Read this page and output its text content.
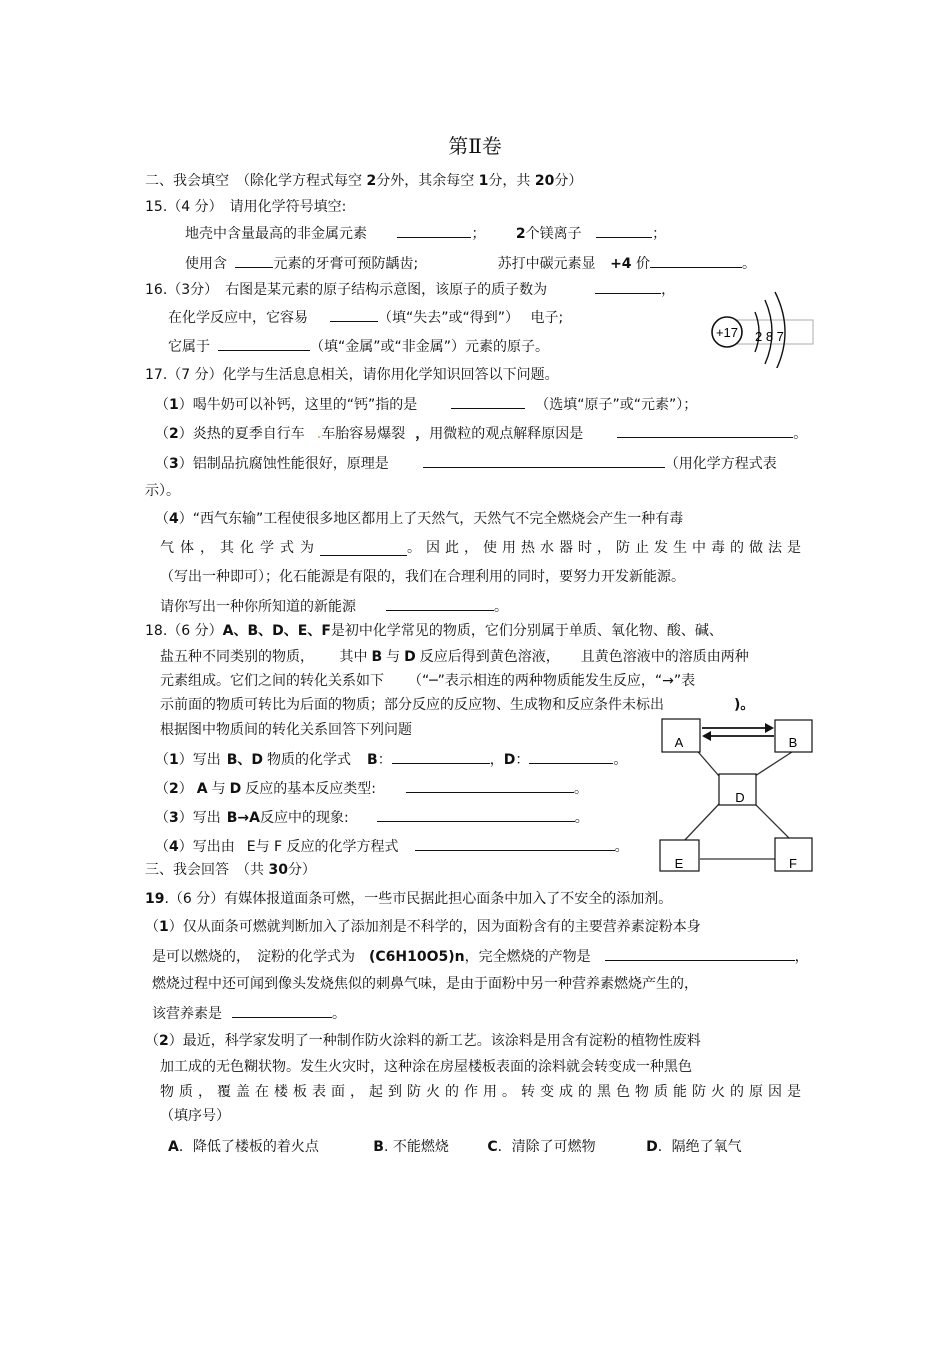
第Ⅱ卷
二、我会填空　（除化学方程式每空 2分外，其余每空 1分，共 20分）
15.（4 分）　请用化学符号填空:
地壳中含量最高的非金属元素	； 2个镁离子	；
使用含	元素的牙膏可预防龋齿;	苏打中碳元素显 +4 价	。
16.（3分）　右图是某元素的原子结构示意图，该原子的质子数为	，
在化学反应中，它容易	（填“失去”或“得到”）　 电子;
它属于	（填“金属”或“非金属”）元素的原子。
+17 2 8 7
17.（7 分）化学与生活息息相关，请你用化学知识回答以下问题。
（1）喝牛奶可以补钙，这里的“钙”指的是	（选填“原子”或“元素”）；
（2）炎热的夏季自行车 .车胎容易爆裂 ，用微粒的观点解释原因是	。
（3）铝制品抗腐蚀性能很好，原理是	（用化学方程式表
示）。
（4）“西气东输”工程使很多地区都用上了天然气，天然气不完全燃烧会产生一种有毒
气体，其化学式为	。因此，使用热水器时，防止发生中毒的做法是
（写出一种即可）；化石能源是有限的，我们在合理利用的同时，要努力开发新能源。
请你写出一种你所知道的新能源	。
18.（6 分）A、B、D、E、F是初中化学常见的物质，它们分别属于单质、氧化物、酸、碱、
盐五种不同类别的物质，　　 其中 B 与 D 反应后得到黄色溶液，　　且黄色溶液中的溶质由两种
元素组成。它们之间的转化关系如下 （“─”表示相连的两种物质能发生反应，“→”表
示前面的物质可转比为后面的物质；部分反应的反应物、生成物和反应条件未标出	)。
根据图中物质间的转化关系回答下列问题
（1）写出 B、D 物质的化学式 B：	，D：	。
（2） A 与 D 反应的基本反应类型:	。
（3）写出 B→A反应中的现象:	。
（4）写出由 E与 F 反应的化学方程式	。
A	B
D
E	F
三、我会回答　（共 30分）
19.（6 分）有媒体报道面条可燃，一些市民据此担心面条中加入了不安全的添加剂。
（1）仅从面条可燃就判断加入了添加剂是不科学的，因为面粉含有的主要营养素淀粉本身
是可以燃烧的，　淀粉的化学式为 (C6H10O5)n，完全燃烧的产物是	，
燃烧过程中还可闻到像头发烧焦似的刺鼻气味，是由于面粉中另一种营养素燃烧产生的，
该营养素是	。
（2）最近，科学家发明了一种制作防火涂料的新工艺。该涂料是用含有淀粉的植物性废料
加工成的无色糊状物。发生火灾时，这种涂在房屋楼板表面的涂料就会转变成一种黑色
物质，覆盖在楼板表面，起到防火的作用。转变成的黑色物质能防火的原因是
（填序号）
A．降低了楼板的着火点	B. 不能燃烧	C．清除了可燃物	D．隔绝了氧气
